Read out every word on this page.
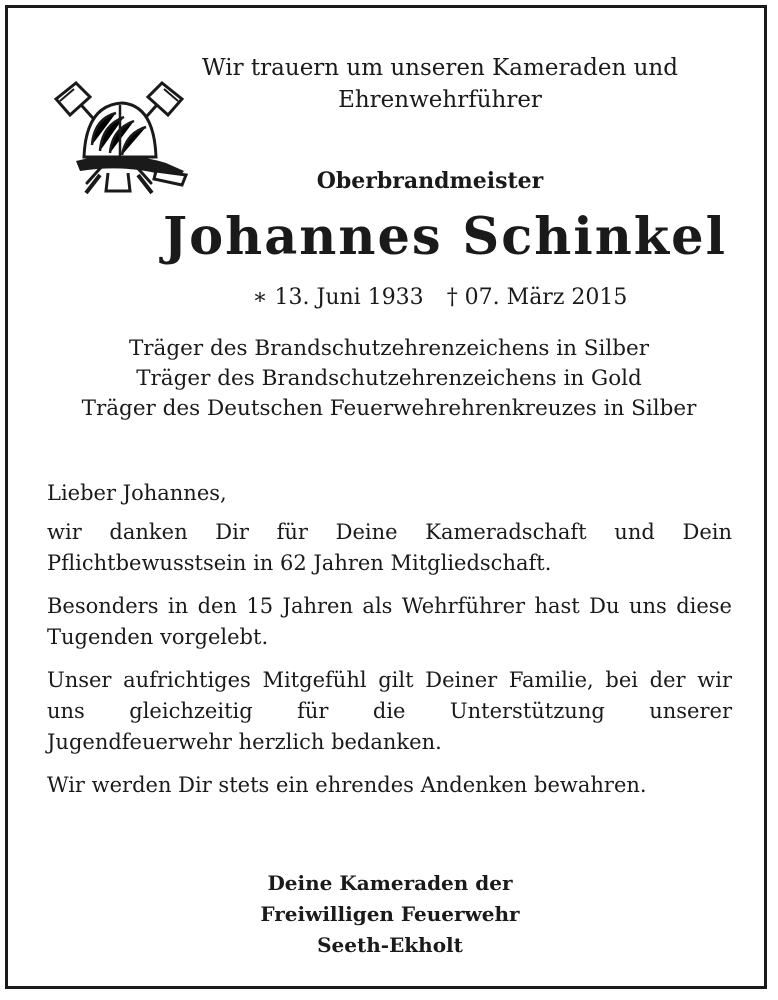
Wir trauern um unseren Kameraden und
Ehrenwehrführer
Oberbrandmeister
Johannes Schinkel
∗ 13. Juni 1933 † 07. März 2015
Träger des Brandschutzehrenzeichens in Silber
Träger des Brandschutzehrenzeichens in Gold
Träger des Deutschen Feuerwehrehrenkreuzes in Silber

Lieber Johannes,

wir danken Dir für Deine Kameradschaft und Dein Pflichtbewusstsein in 62 Jahren Mitgliedschaft.

Besonders in den 15 Jahren als Wehrführer hast Du uns diese Tugenden vorgelebt.

Unser aufrichtiges Mitgefühl gilt Deiner Familie, bei der wir uns gleichzeitig für die Unterstützung unserer Jugendfeuerwehr herzlich bedanken.

Wir werden Dir stets ein ehrendes Andenken bewahren.

Deine Kameraden der
Freiwilligen Feuerwehr
Seeth-Ekholt
